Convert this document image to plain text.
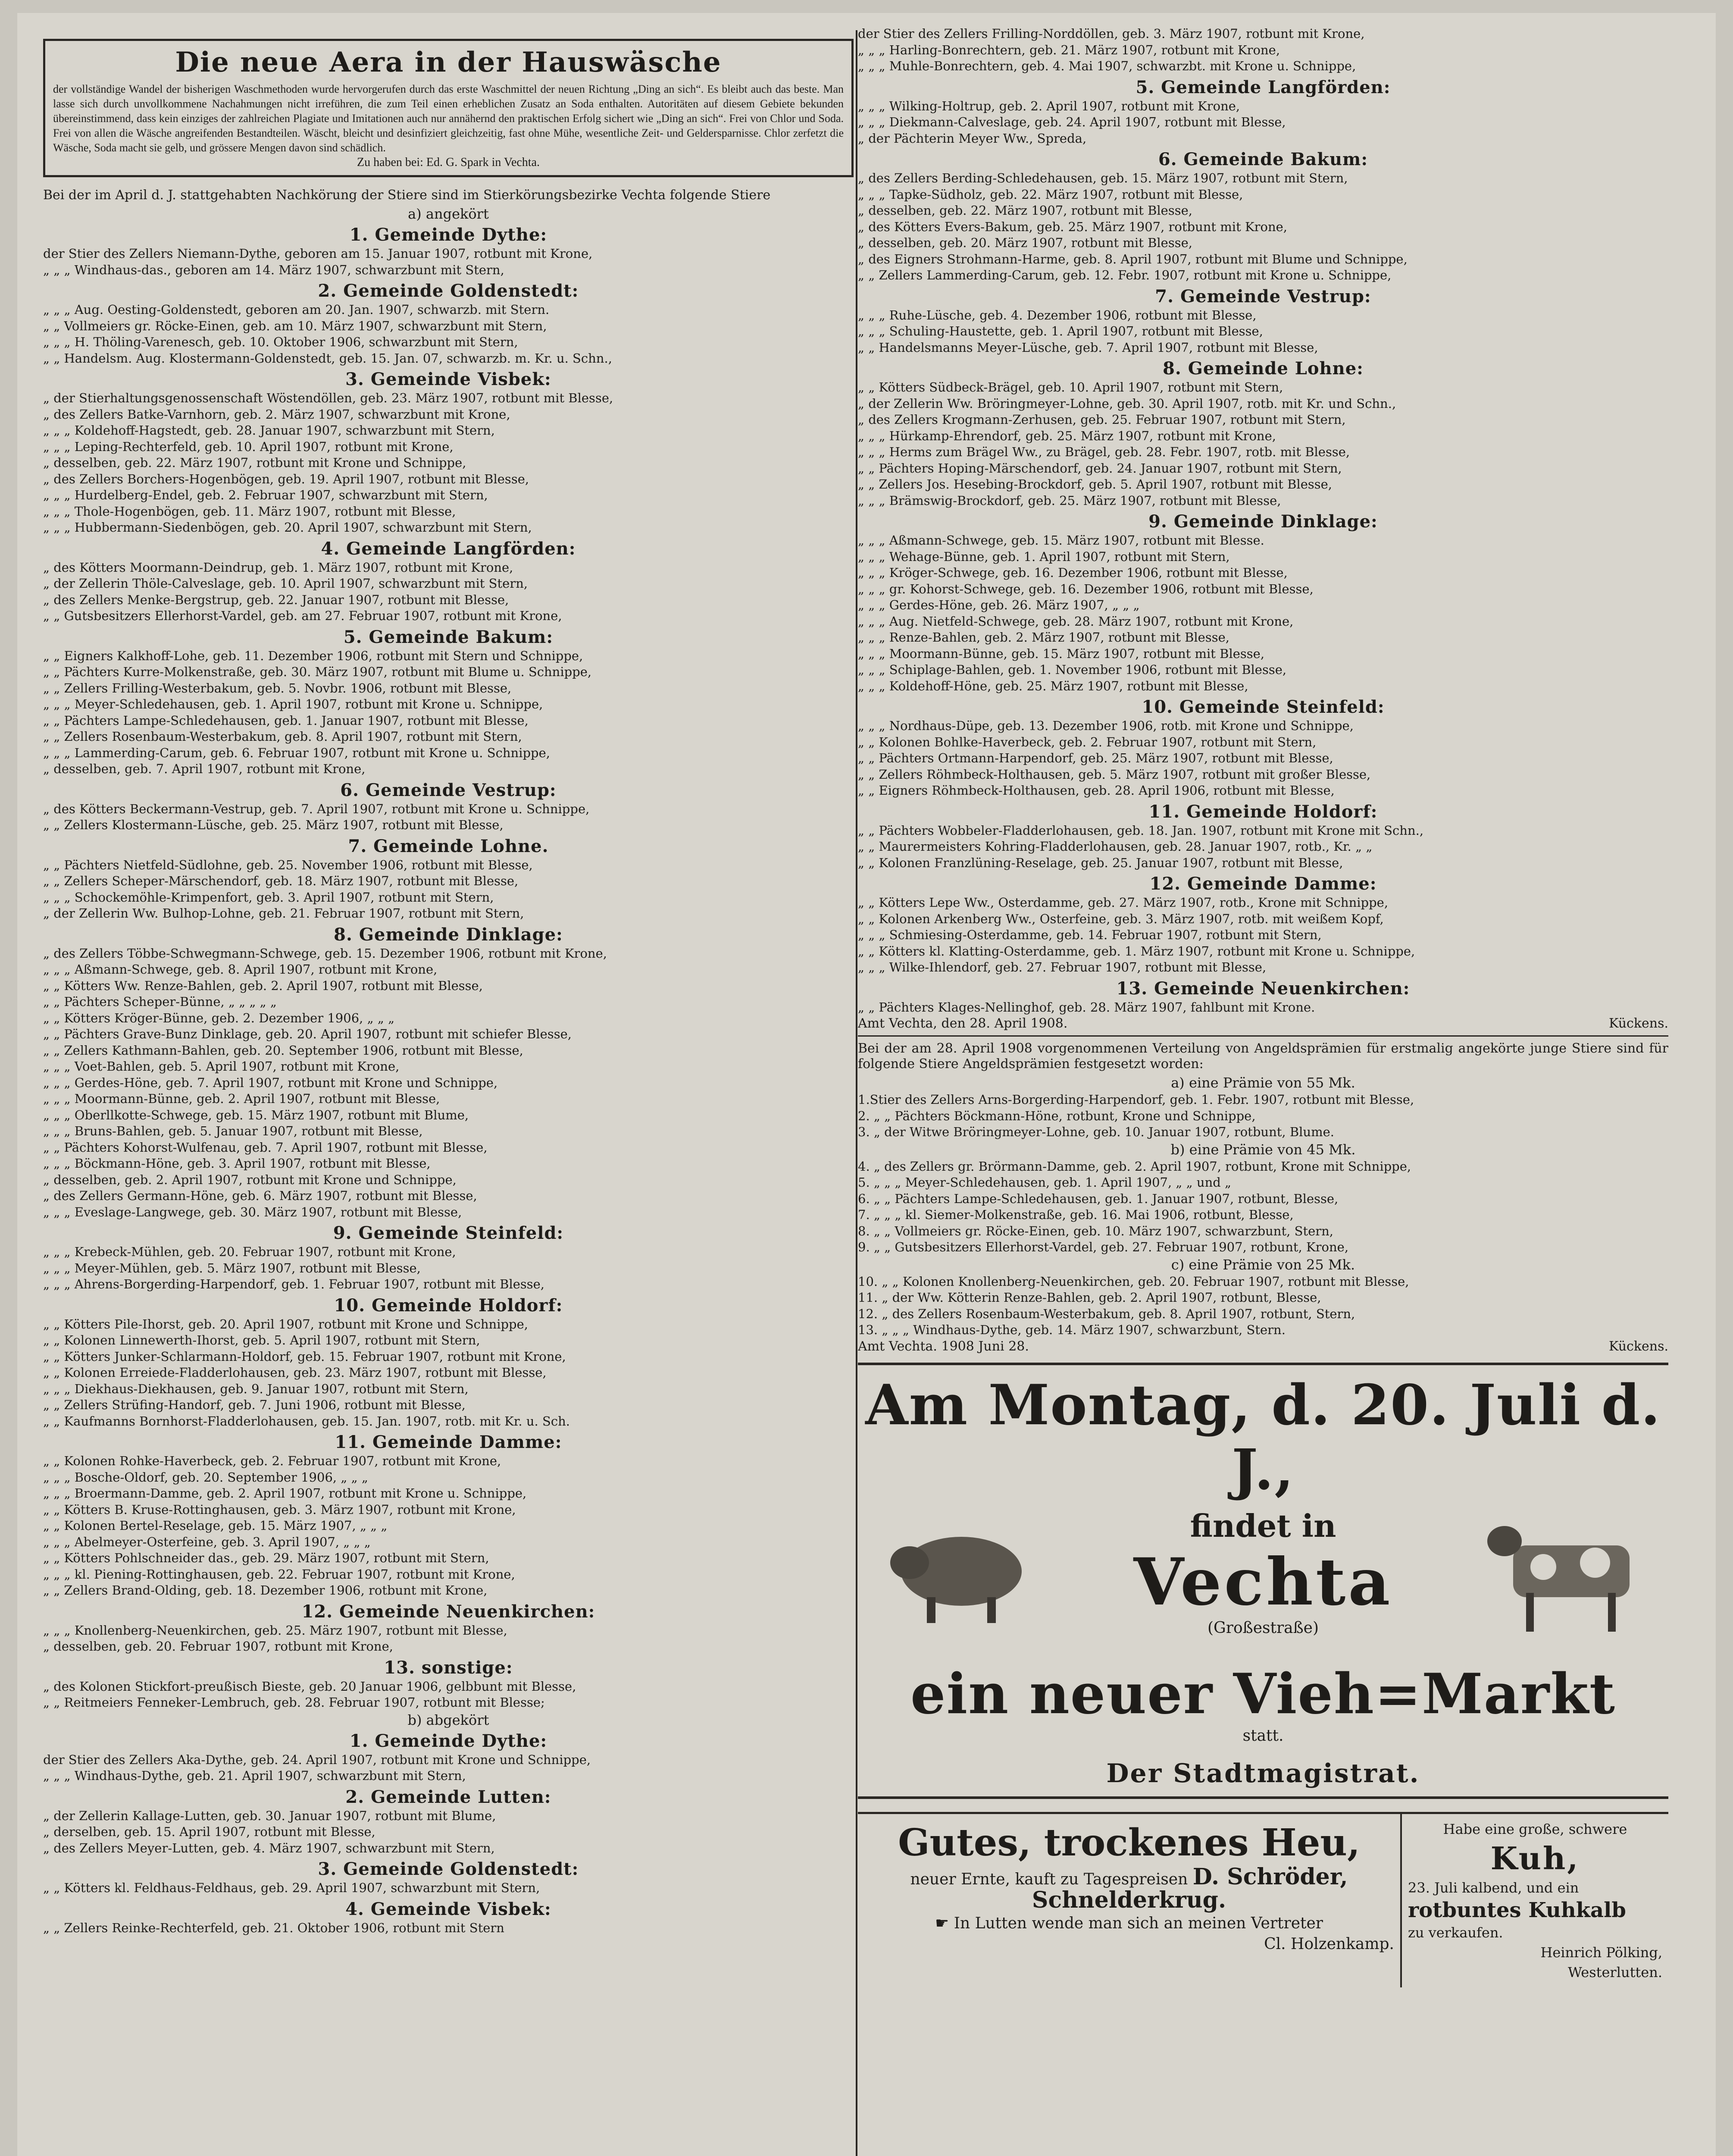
Die neue Aera in der Hauswäsche

der vollständige Wandel der bisherigen Waschmethoden wurde hervorgerufen durch das erste Waschmittel der neuen Richtung „Ding an sich“. Es bleibt auch das beste. Man lasse sich durch unvollkommene Nachahmungen nicht irreführen, die zum Teil einen erheblichen Zusatz an Soda enthalten. Autoritäten auf diesem Gebiete bekunden übereinstimmend, dass kein einziges der zahlreichen Plagiate und Imitationen auch nur annähernd den praktischen Erfolg sichert wie „Ding an sich“. Frei von Chlor und Soda. Frei von allen die Wäsche angreifenden Bestandteilen. Wäscht, bleicht und desinfiziert gleichzeitig, fast ohne Mühe, wesentliche Zeit- und Geldersparnisse. Chlor zerfetzt die Wäsche, Soda macht sie gelb, und grössere Mengen davon sind schädlich.

Zu haben bei: Ed. G. Spark in Vechta.

Bei der im April d. J. stattgehabten Nachkörung der Stiere sind im Stierkörungsbezirke Vechta folgende Stiere
a) angekört
1. Gemeinde Dythe:
der Stier des Zellers Niemann-Dythe, geboren am 15. Januar 1907, rotbunt mit Krone,
„ „ „ Windhaus-das., geboren am 14. März 1907, schwarzbunt mit Stern,
2. Gemeinde Goldenstedt:
„ „ „ Aug. Oesting-Goldenstedt, geboren am 20. Jan. 1907, schwarzb. mit Stern.
„ „ Vollmeiers gr. Röcke-Einen, geb. am 10. März 1907, schwarzbunt mit Stern,
„ „ „ H. Thöling-Varenesch, geb. 10. Oktober 1906, schwarzbunt mit Stern,
„ „ Handelsm. Aug. Klostermann-Goldenstedt, geb. 15. Jan. 07, schwarzb. m. Kr. u. Schn.,
3. Gemeinde Visbek:
„ der Stierhaltungsgenossenschaft Wöstendöllen, geb. 23. März 1907, rotbunt mit Blesse,
„ des Zellers Batke-Varnhorn, geb. 2. März 1907, schwarzbunt mit Krone,
„ „ „ Koldehoff-Hagstedt, geb. 28. Januar 1907, schwarzbunt mit Stern,
„ „ „ Leping-Rechterfeld, geb. 10. April 1907, rotbunt mit Krone,
„ desselben, geb. 22. März 1907, rotbunt mit Krone und Schnippe,
„ des Zellers Borchers-Hogenbögen, geb. 19. April 1907, rotbunt mit Blesse,
„ „ „ Hurdelberg-Endel, geb. 2. Februar 1907, schwarzbunt mit Stern,
„ „ „ Thole-Hogenbögen, geb. 11. März 1907, rotbunt mit Blesse,
„ „ „ Hubbermann-Siedenbögen, geb. 20. April 1907, schwarzbunt mit Stern,
4. Gemeinde Langförden:
„ des Kötters Moormann-Deindrup, geb. 1. März 1907, rotbunt mit Krone,
„ der Zellerin Thöle-Calveslage, geb. 10. April 1907, schwarzbunt mit Stern,
„ des Zellers Menke-Bergstrup, geb. 22. Januar 1907, rotbunt mit Blesse,
„ „ Gutsbesitzers Ellerhorst-Vardel, geb. am 27. Februar 1907, rotbunt mit Krone,
5. Gemeinde Bakum:
„ „ Eigners Kalkhoff-Lohe, geb. 11. Dezember 1906, rotbunt mit Stern und Schnippe,
„ „ Pächters Kurre-Molkenstraße, geb. 30. März 1907, rotbunt mit Blume u. Schnippe,
„ „ Zellers Frilling-Westerbakum, geb. 5. Novbr. 1906, rotbunt mit Blesse,
„ „ „ Meyer-Schledehausen, geb. 1. April 1907, rotbunt mit Krone u. Schnippe,
„ „ Pächters Lampe-Schledehausen, geb. 1. Januar 1907, rotbunt mit Blesse,
„ „ Zellers Rosenbaum-Westerbakum, geb. 8. April 1907, rotbunt mit Stern,
„ „ „ Lammerding-Carum, geb. 6. Februar 1907, rotbunt mit Krone u. Schnippe,
„ desselben, geb. 7. April 1907, rotbunt mit Krone,
6. Gemeinde Vestrup:
„ des Kötters Beckermann-Vestrup, geb. 7. April 1907, rotbunt mit Krone u. Schnippe,
„ „ Zellers Klostermann-Lüsche, geb. 25. März 1907, rotbunt mit Blesse,
7. Gemeinde Lohne.
„ „ Pächters Nietfeld-Südlohne, geb. 25. November 1906, rotbunt mit Blesse,
„ „ Zellers Scheper-Märschendorf, geb. 18. März 1907, rotbunt mit Blesse,
„ „ „ Schockemöhle-Krimpenfort, geb. 3. April 1907, rotbunt mit Stern,
„ der Zellerin Ww. Bulhop-Lohne, geb. 21. Februar 1907, rotbunt mit Stern,
8. Gemeinde Dinklage:
„ des Zellers Többe-Schwegmann-Schwege, geb. 15. Dezember 1906, rotbunt mit Krone,
„ „ „ Aßmann-Schwege, geb. 8. April 1907, rotbunt mit Krone,
„ „ Kötters Ww. Renze-Bahlen, geb. 2. April 1907, rotbunt mit Blesse,
„ „ Pächters Scheper-Bünne, „ „ „ „ „
„ „ Kötters Kröger-Bünne, geb. 2. Dezember 1906, „ „ „
„ „ Pächters Grave-Bunz Dinklage, geb. 20. April 1907, rotbunt mit schiefer Blesse,
„ „ Zellers Kathmann-Bahlen, geb. 20. September 1906, rotbunt mit Blesse,
„ „ „ Voet-Bahlen, geb. 5. April 1907, rotbunt mit Krone,
„ „ „ Gerdes-Höne, geb. 7. April 1907, rotbunt mit Krone und Schnippe,
„ „ „ Moormann-Bünne, geb. 2. April 1907, rotbunt mit Blesse,
„ „ „ Oberllkotte-Schwege, geb. 15. März 1907, rotbunt mit Blume,
„ „ „ Bruns-Bahlen, geb. 5. Januar 1907, rotbunt mit Blesse,
„ „ Pächters Kohorst-Wulfenau, geb. 7. April 1907, rotbunt mit Blesse,
„ „ „ Böckmann-Höne, geb. 3. April 1907, rotbunt mit Blesse,
„ desselben, geb. 2. April 1907, rotbunt mit Krone und Schnippe,
„ des Zellers Germann-Höne, geb. 6. März 1907, rotbunt mit Blesse,
„ „ „ Eveslage-Langwege, geb. 30. März 1907, rotbunt mit Blesse,
9. Gemeinde Steinfeld:
„ „ „ Krebeck-Mühlen, geb. 20. Februar 1907, rotbunt mit Krone,
„ „ „ Meyer-Mühlen, geb. 5. März 1907, rotbunt mit Blesse,
„ „ „ Ahrens-Borgerding-Harpendorf, geb. 1. Februar 1907, rotbunt mit Blesse,
10. Gemeinde Holdorf:
„ „ Kötters Pile-Ihorst, geb. 20. April 1907, rotbunt mit Krone und Schnippe,
„ „ Kolonen Linnewerth-Ihorst, geb. 5. April 1907, rotbunt mit Stern,
„ „ Kötters Junker-Schlarmann-Holdorf, geb. 15. Februar 1907, rotbunt mit Krone,
„ „ Kolonen Erreiede-Fladderlohausen, geb. 23. März 1907, rotbunt mit Blesse,
„ „ „ Diekhaus-Diekhausen, geb. 9. Januar 1907, rotbunt mit Stern,
„ „ Zellers Strüfing-Handorf, geb. 7. Juni 1906, rotbunt mit Blesse,
„ „ Kaufmanns Bornhorst-Fladderlohausen, geb. 15. Jan. 1907, rotb. mit Kr. u. Sch.
11. Gemeinde Damme:
„ „ Kolonen Rohke-Haverbeck, geb. 2. Februar 1907, rotbunt mit Krone,
„ „ „ Bosche-Oldorf, geb. 20. September 1906, „ „ „
„ „ „ Broermann-Damme, geb. 2. April 1907, rotbunt mit Krone u. Schnippe,
„ „ Kötters B. Kruse-Rottinghausen, geb. 3. März 1907, rotbunt mit Krone,
„ „ Kolonen Bertel-Reselage, geb. 15. März 1907, „ „ „
„ „ „ Abelmeyer-Osterfeine, geb. 3. April 1907, „ „ „
„ „ Kötters Pohlschneider das., geb. 29. März 1907, rotbunt mit Stern,
„ „ „ kl. Piening-Rottinghausen, geb. 22. Februar 1907, rotbunt mit Krone,
„ „ Zellers Brand-Olding, geb. 18. Dezember 1906, rotbunt mit Krone,
12. Gemeinde Neuenkirchen:
„ „ „ Knollenberg-Neuenkirchen, geb. 25. März 1907, rotbunt mit Blesse,
„ desselben, geb. 20. Februar 1907, rotbunt mit Krone,
13. sonstige:
„ des Kolonen Stickfort-preußisch Bieste, geb. 20 Januar 1906, gelbbunt mit Blesse,
„ „ Reitmeiers Fenneker-Lembruch, geb. 28. Februar 1907, rotbunt mit Blesse;
b) abgekört
1. Gemeinde Dythe:
der Stier des Zellers Aka-Dythe, geb. 24. April 1907, rotbunt mit Krone und Schnippe,
„ „ „ Windhaus-Dythe, geb. 21. April 1907, schwarzbunt mit Stern,
2. Gemeinde Lutten:
„ der Zellerin Kallage-Lutten, geb. 30. Januar 1907, rotbunt mit Blume,
„ derselben, geb. 15. April 1907, rotbunt mit Blesse,
„ des Zellers Meyer-Lutten, geb. 4. März 1907, schwarzbunt mit Stern,
3. Gemeinde Goldenstedt:
„ „ Kötters kl. Feldhaus-Feldhaus, geb. 29. April 1907, schwarzbunt mit Stern,
4. Gemeinde Visbek:
„ „ Zellers Reinke-Rechterfeld, geb. 21. Oktober 1906, rotbunt mit Stern
der Stier des Zellers Frilling-Norddöllen, geb. 3. März 1907, rotbunt mit Krone,
„ „ „ Harling-Bonrechtern, geb. 21. März 1907, rotbunt mit Krone,
„ „ „ Muhle-Bonrechtern, geb. 4. Mai 1907, schwarzbt. mit Krone u. Schnippe,
5. Gemeinde Langförden:
„ „ „ Wilking-Holtrup, geb. 2. April 1907, rotbunt mit Krone,
„ „ „ Diekmann-Calveslage, geb. 24. April 1907, rotbunt mit Blesse,
„ der Pächterin Meyer Ww., Spreda,
6. Gemeinde Bakum:
„ des Zellers Berding-Schledehausen, geb. 15. März 1907, rotbunt mit Stern,
„ „ „ Tapke-Südholz, geb. 22. März 1907, rotbunt mit Blesse,
„ desselben, geb. 22. März 1907, rotbunt mit Blesse,
„ des Kötters Evers-Bakum, geb. 25. März 1907, rotbunt mit Krone,
„ desselben, geb. 20. März 1907, rotbunt mit Blesse,
„ des Eigners Strohmann-Harme, geb. 8. April 1907, rotbunt mit Blume und Schnippe,
„ „ Zellers Lammerding-Carum, geb. 12. Febr. 1907, rotbunt mit Krone u. Schnippe,
7. Gemeinde Vestrup:
„ „ „ Ruhe-Lüsche, geb. 4. Dezember 1906, rotbunt mit Blesse,
„ „ „ Schuling-Haustette, geb. 1. April 1907, rotbunt mit Blesse,
„ „ Handelsmanns Meyer-Lüsche, geb. 7. April 1907, rotbunt mit Blesse,
8. Gemeinde Lohne:
„ „ Kötters Südbeck-Brägel, geb. 10. April 1907, rotbunt mit Stern,
„ der Zellerin Ww. Bröringmeyer-Lohne, geb. 30. April 1907, rotb. mit Kr. und Schn.,
„ des Zellers Krogmann-Zerhusen, geb. 25. Februar 1907, rotbunt mit Stern,
„ „ „ Hürkamp-Ehrendorf, geb. 25. März 1907, rotbunt mit Krone,
„ „ „ Herms zum Brägel Ww., zu Brägel, geb. 28. Febr. 1907, rotb. mit Blesse,
„ „ Pächters Hoping-Märschendorf, geb. 24. Januar 1907, rotbunt mit Stern,
„ „ Zellers Jos. Hesebing-Brockdorf, geb. 5. April 1907, rotbunt mit Blesse,
„ „ „ Brämswig-Brockdorf, geb. 25. März 1907, rotbunt mit Blesse,
9. Gemeinde Dinklage:
„ „ „ Aßmann-Schwege, geb. 15. März 1907, rotbunt mit Blesse.
„ „ „ Wehage-Bünne, geb. 1. April 1907, rotbunt mit Stern,
„ „ „ Kröger-Schwege, geb. 16. Dezember 1906, rotbunt mit Blesse,
„ „ „ gr. Kohorst-Schwege, geb. 16. Dezember 1906, rotbunt mit Blesse,
„ „ „ Gerdes-Höne, geb. 26. März 1907, „ „ „
„ „ „ Aug. Nietfeld-Schwege, geb. 28. März 1907, rotbunt mit Krone,
„ „ „ Renze-Bahlen, geb. 2. März 1907, rotbunt mit Blesse,
„ „ „ Moormann-Bünne, geb. 15. März 1907, rotbunt mit Blesse,
„ „ „ Schiplage-Bahlen, geb. 1. November 1906, rotbunt mit Blesse,
„ „ „ Koldehoff-Höne, geb. 25. März 1907, rotbunt mit Blesse,
10. Gemeinde Steinfeld:
„ „ „ Nordhaus-Düpe, geb. 13. Dezember 1906, rotb. mit Krone und Schnippe,
„ „ Kolonen Bohlke-Haverbeck, geb. 2. Februar 1907, rotbunt mit Stern,
„ „ Pächters Ortmann-Harpendorf, geb. 25. März 1907, rotbunt mit Blesse,
„ „ Zellers Röhmbeck-Holthausen, geb. 5. März 1907, rotbunt mit großer Blesse,
„ „ Eigners Röhmbeck-Holthausen, geb. 28. April 1906, rotbunt mit Blesse,
11. Gemeinde Holdorf:
„ „ Pächters Wobbeler-Fladderlohausen, geb. 18. Jan. 1907, rotbunt mit Krone mit Schn.,
„ „ Maurermeisters Kohring-Fladderlohausen, geb. 28. Januar 1907, rotb., Kr. „ „
„ „ Kolonen Franzlüning-Reselage, geb. 25. Januar 1907, rotbunt mit Blesse,
12. Gemeinde Damme:
„ „ Kötters Lepe Ww., Osterdamme, geb. 27. März 1907, rotb., Krone mit Schnippe,
„ „ Kolonen Arkenberg Ww., Osterfeine, geb. 3. März 1907, rotb. mit weißem Kopf,
„ „ „ Schmiesing-Osterdamme, geb. 14. Februar 1907, rotbunt mit Stern,
„ „ Kötters kl. Klatting-Osterdamme, geb. 1. März 1907, rotbunt mit Krone u. Schnippe,
„ „ „ Wilke-Ihlendorf, geb. 27. Februar 1907, rotbunt mit Blesse,
13. Gemeinde Neuenkirchen:
„ „ Pächters Klages-Nellinghof, geb. 28. März 1907, fahlbunt mit Krone.
Amt Vechta, den 28. April 1908.	Kückens.
Bei der am 28. April 1908 vorgenommenen Verteilung von Angeldsprämien für erstmalig angekörte junge Stiere sind für folgende Stiere Angeldsprämien festgesetzt worden:
a) eine Prämie von 55 Mk.
1.Stier des Zellers Arns-Borgerding-Harpendorf, geb. 1. Febr. 1907, rotbunt mit Blesse,
2. „ „ Pächters Böckmann-Höne, rotbunt, Krone und Schnippe,
3. „ der Witwe Bröringmeyer-Lohne, geb. 10. Januar 1907, rotbunt, Blume.
b) eine Prämie von 45 Mk.
4. „ des Zellers gr. Brörmann-Damme, geb. 2. April 1907, rotbunt, Krone mit Schnippe,
5. „ „ „ Meyer-Schledehausen, geb. 1. April 1907, „ „ und „
6. „ „ Pächters Lampe-Schledehausen, geb. 1. Januar 1907, rotbunt, Blesse,
7. „ „ „ kl. Siemer-Molkenstraße, geb. 16. Mai 1906, rotbunt, Blesse,
8. „ „ Vollmeiers gr. Röcke-Einen, geb. 10. März 1907, schwarzbunt, Stern,
9. „ „ Gutsbesitzers Ellerhorst-Vardel, geb. 27. Februar 1907, rotbunt, Krone,
c) eine Prämie von 25 Mk.
10. „ „ Kolonen Knollenberg-Neuenkirchen, geb. 20. Februar 1907, rotbunt mit Blesse,
11. „ der Ww. Kötterin Renze-Bahlen, geb. 2. April 1907, rotbunt, Blesse,
12. „ des Zellers Rosenbaum-Westerbakum, geb. 8. April 1907, rotbunt, Stern,
13. „ „ „ Windhaus-Dythe, geb. 14. März 1907, schwarzbunt, Stern.
Amt Vechta. 1908 Juni 28.	Kückens.
Am Montag, d. 20. Juli d. J.,
findet in
Vechta
(Großestraße)
ein neuer Vieh=Markt
statt.
Der Stadtmagistrat.
Gutes, trockenes Heu,
neuer Ernte, kauft zu Tagespreisen D. Schröder, Schnelderkrug.
☛ In Lutten wende man sich an meinen Vertreter
Cl. Holzenkamp.
Habe eine große, schwere
Kuh,
23. Juli kalbend, und ein
rotbuntes Kuhkalb
zu verkaufen.
Heinrich Pölking,
Westerlutten.
